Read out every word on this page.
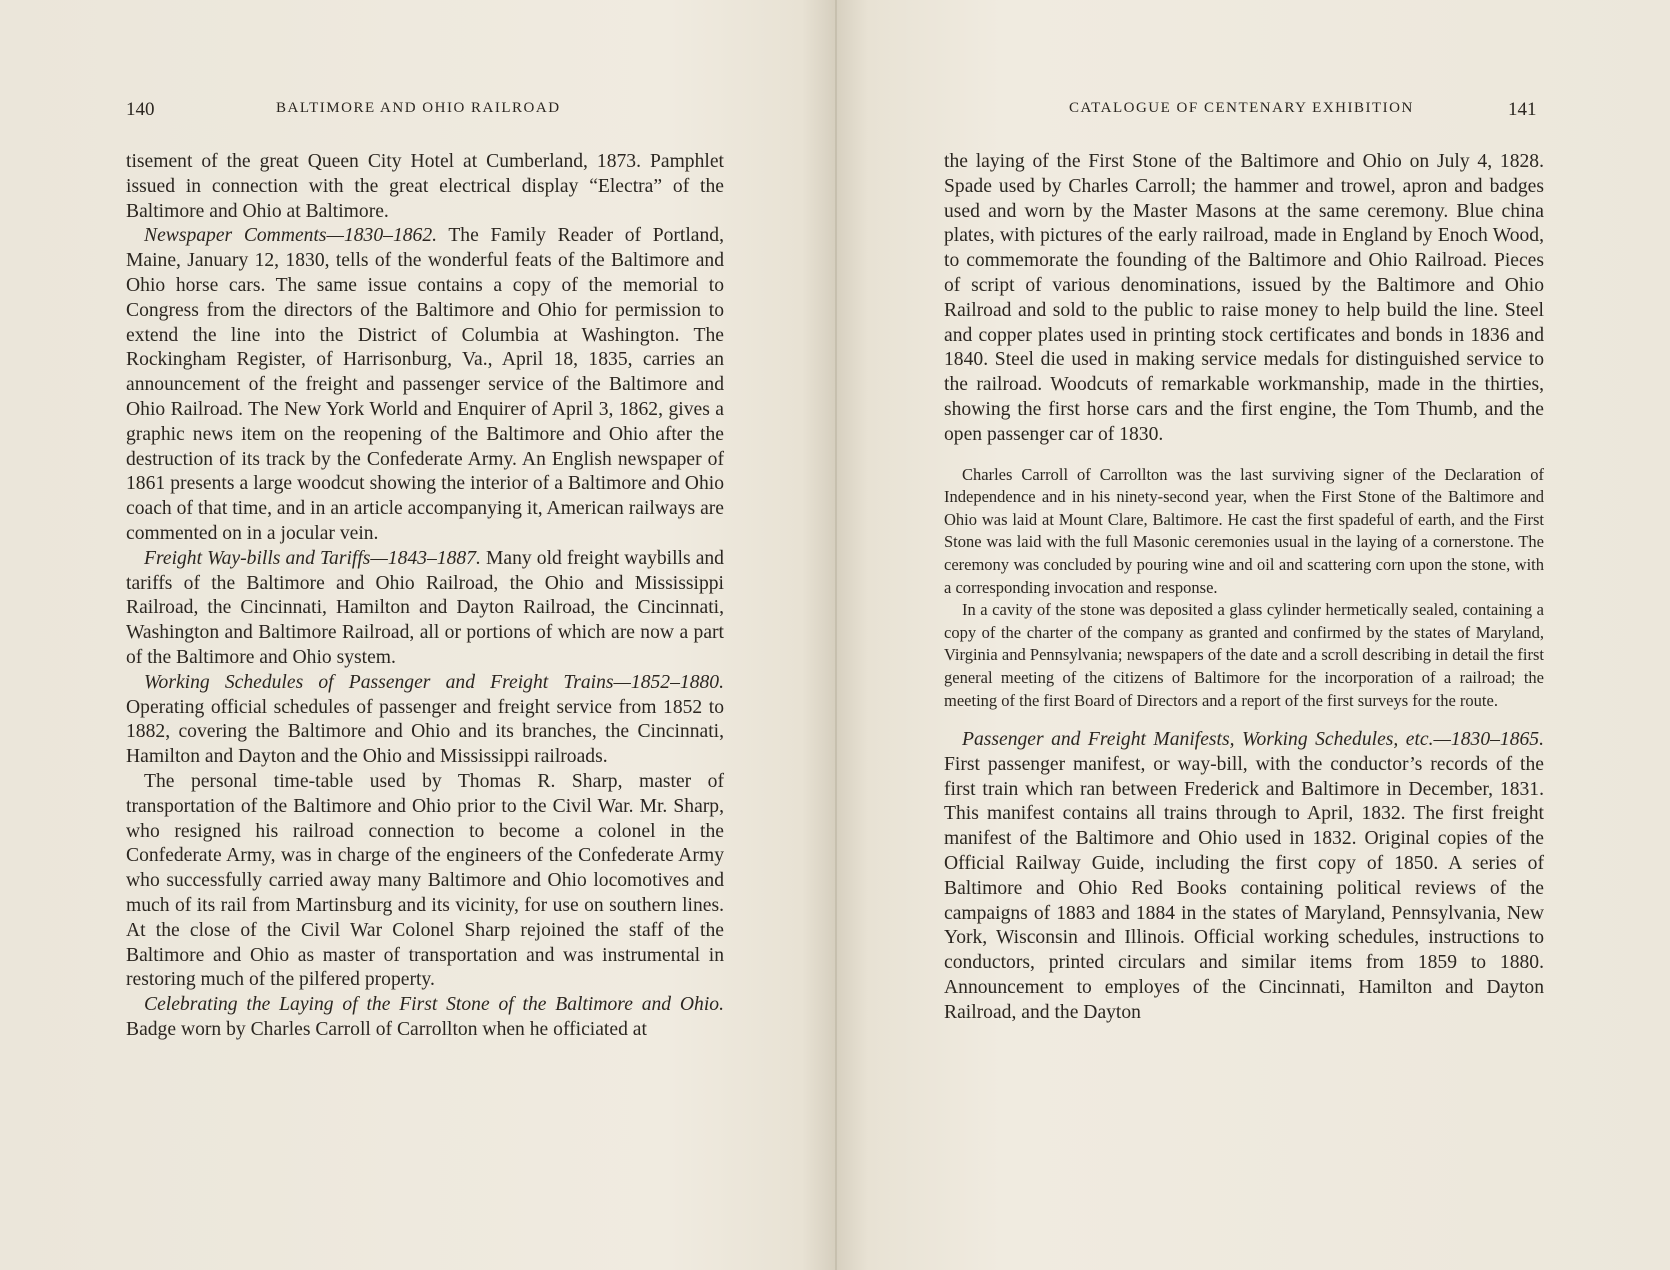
140	BALTIMORE AND OHIO RAILROAD

tisement of the great Queen City Hotel at Cumberland, 1873. Pamphlet issued in connection with the great electrical display “Electra” of the Baltimore and Ohio at Baltimore.

Newspaper Comments—1830–1862. The Family Reader of Portland, Maine, January 12, 1830, tells of the wonderful feats of the Baltimore and Ohio horse cars. The same issue contains a copy of the memorial to Congress from the directors of the Baltimore and Ohio for permission to extend the line into the District of Columbia at Washington. The Rockingham Register, of Harrisonburg, Va., April 18, 1835, carries an announcement of the freight and passenger service of the Baltimore and Ohio Railroad. The New York World and Enquirer of April 3, 1862, gives a graphic news item on the reopening of the Baltimore and Ohio after the destruction of its track by the Confederate Army. An English newspaper of 1861 presents a large woodcut showing the interior of a Baltimore and Ohio coach of that time, and in an article accompanying it, American railways are commented on in a jocular vein.

Freight Way-bills and Tariffs—1843–1887. Many old freight waybills and tariffs of the Baltimore and Ohio Railroad, the Ohio and Mississippi Railroad, the Cincinnati, Hamilton and Dayton Railroad, the Cincinnati, Washington and Baltimore Railroad, all or portions of which are now a part of the Baltimore and Ohio system.

Working Schedules of Passenger and Freight Trains—1852–1880. Operating official schedules of passenger and freight service from 1852 to 1882, covering the Baltimore and Ohio and its branches, the Cincinnati, Hamilton and Dayton and the Ohio and Mississippi railroads.

The personal time-table used by Thomas R. Sharp, master of transportation of the Baltimore and Ohio prior to the Civil War. Mr. Sharp, who resigned his railroad connection to become a colonel in the Confederate Army, was in charge of the engineers of the Confederate Army who successfully carried away many Baltimore and Ohio locomotives and much of its rail from Martinsburg and its vicinity, for use on southern lines. At the close of the Civil War Colonel Sharp rejoined the staff of the Baltimore and Ohio as master of transportation and was instrumental in restoring much of the pilfered property.

Celebrating the Laying of the First Stone of the Baltimore and Ohio. Badge worn by Charles Carroll of Carrollton when he officiated at

CATALOGUE OF CENTENARY EXHIBITION	141

the laying of the First Stone of the Baltimore and Ohio on July 4, 1828. Spade used by Charles Carroll; the hammer and trowel, apron and badges used and worn by the Master Masons at the same ceremony. Blue china plates, with pictures of the early railroad, made in England by Enoch Wood, to commemorate the founding of the Baltimore and Ohio Railroad. Pieces of script of various denominations, issued by the Baltimore and Ohio Railroad and sold to the public to raise money to help build the line. Steel and copper plates used in printing stock certificates and bonds in 1836 and 1840. Steel die used in making service medals for distinguished service to the railroad. Woodcuts of remarkable workmanship, made in the thirties, showing the first horse cars and the first engine, the Tom Thumb, and the open passenger car of 1830.

Charles Carroll of Carrollton was the last surviving signer of the Declaration of Independence and in his ninety-second year, when the First Stone of the Baltimore and Ohio was laid at Mount Clare, Baltimore. He cast the first spadeful of earth, and the First Stone was laid with the full Masonic ceremonies usual in the laying of a cornerstone. The ceremony was concluded by pouring wine and oil and scattering corn upon the stone, with a corresponding invocation and response.

In a cavity of the stone was deposited a glass cylinder hermetically sealed, containing a copy of the charter of the company as granted and confirmed by the states of Maryland, Virginia and Pennsylvania; newspapers of the date and a scroll describing in detail the first general meeting of the citizens of Baltimore for the incorporation of a railroad; the meeting of the first Board of Directors and a report of the first surveys for the route.

Passenger and Freight Manifests, Working Schedules, etc.—1830–1865. First passenger manifest, or way-bill, with the conductor’s records of the first train which ran between Frederick and Baltimore in December, 1831. This manifest contains all trains through to April, 1832. The first freight manifest of the Baltimore and Ohio used in 1832. Original copies of the Official Railway Guide, including the first copy of 1850. A series of Baltimore and Ohio Red Books containing political reviews of the campaigns of 1883 and 1884 in the states of Maryland, Pennsylvania, New York, Wisconsin and Illinois. Official working schedules, instructions to conductors, printed circulars and similar items from 1859 to 1880. Announcement to employes of the Cincinnati, Hamilton and Dayton Railroad, and the Dayton
